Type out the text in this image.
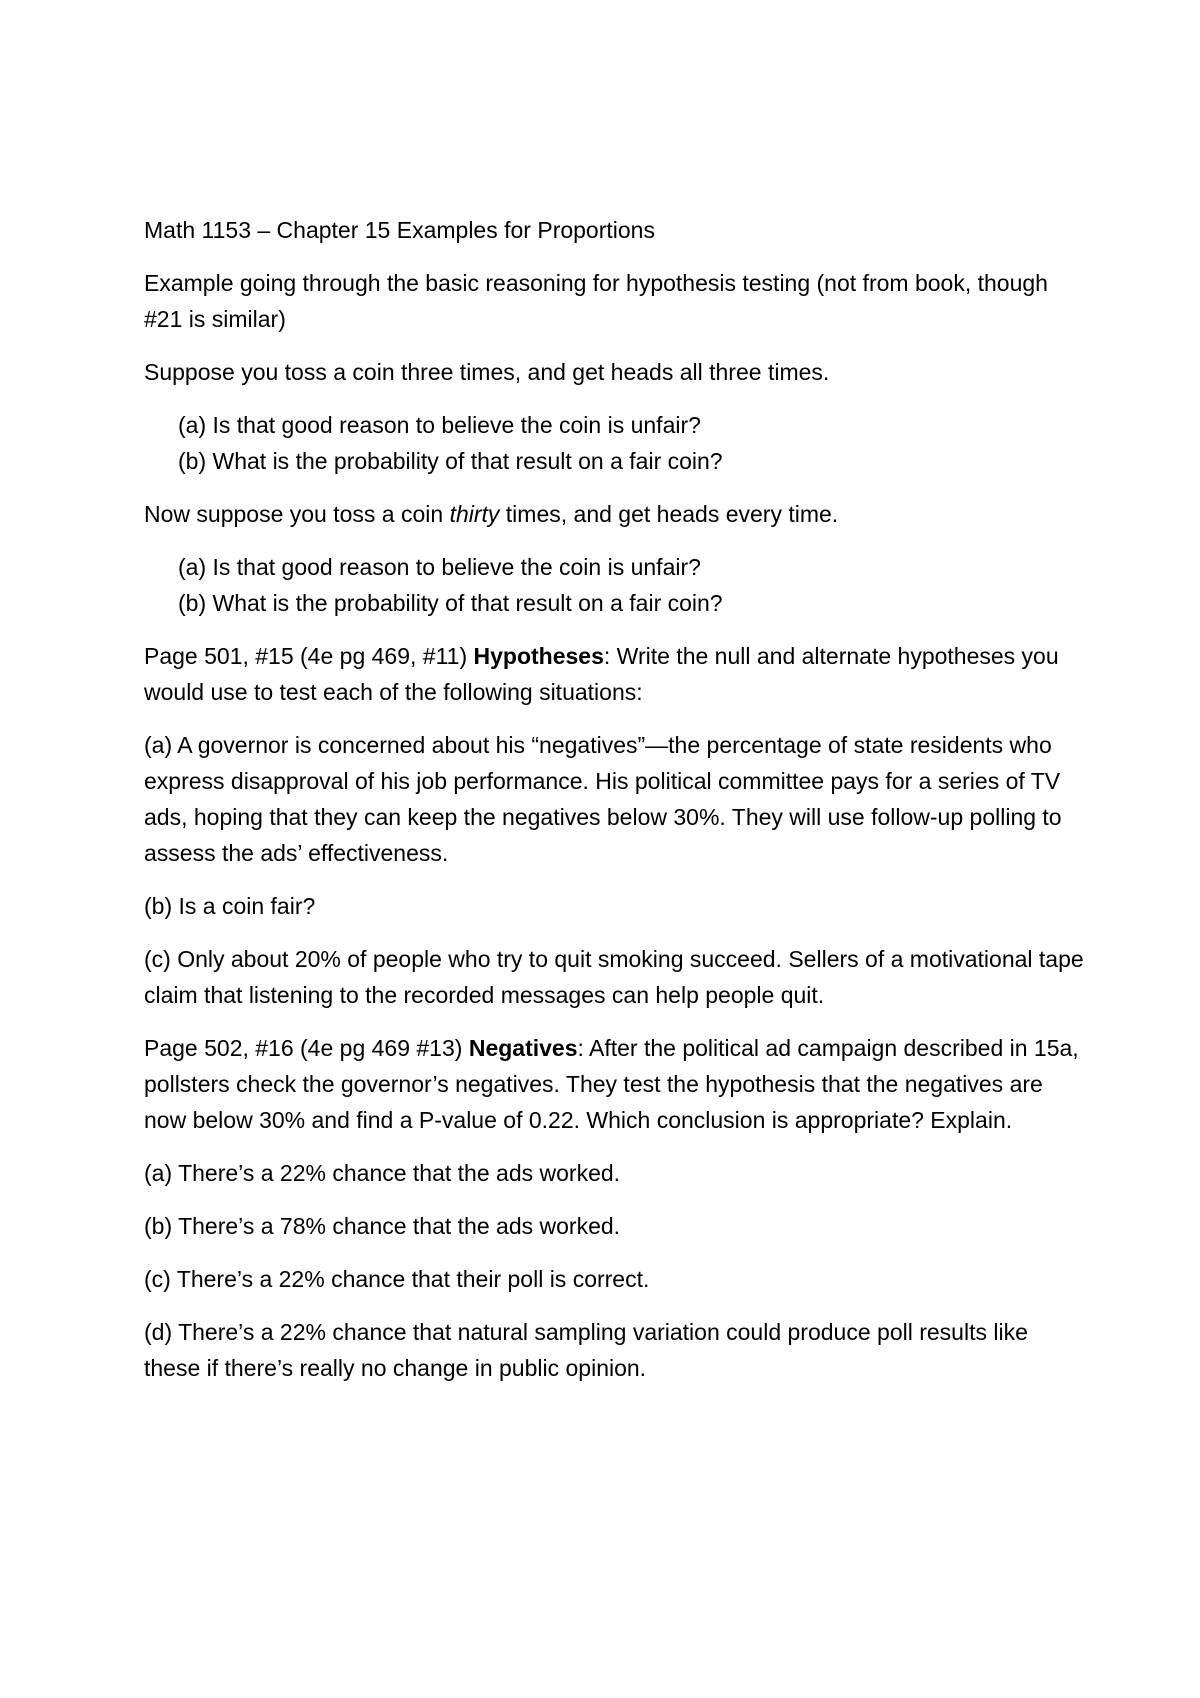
Math 1153 – Chapter 15 Examples for Proportions

Example going through the basic reasoning for hypothesis testing (not from book, though #21 is similar)

Suppose you toss a coin three times, and get heads all three times.

(a) Is that good reason to believe the coin is unfair?
(b) What is the probability of that result on a fair coin?

Now suppose you toss a coin thirty times, and get heads every time.

(a) Is that good reason to believe the coin is unfair?
(b) What is the probability of that result on a fair coin?

Page 501, #15 (4e pg 469, #11) Hypotheses: Write the null and alternate hypotheses you would use to test each of the following situations:

(a) A governor is concerned about his “negatives”—the percentage of state residents who express disapproval of his job performance. His political committee pays for a series of TV ads, hoping that they can keep the negatives below 30%. They will use follow-up polling to assess the ads’ effectiveness.

(b) Is a coin fair?

(c) Only about 20% of people who try to quit smoking succeed. Sellers of a motivational tape claim that listening to the recorded messages can help people quit.

Page 502, #16 (4e pg 469 #13) Negatives: After the political ad campaign described in 15a, pollsters check the governor’s negatives. They test the hypothesis that the negatives are now below 30% and find a P-value of 0.22. Which conclusion is appropriate? Explain.

(a) There’s a 22% chance that the ads worked.

(b) There’s a 78% chance that the ads worked.

(c) There’s a 22% chance that their poll is correct.

(d) There’s a 22% chance that natural sampling variation could produce poll results like these if there’s really no change in public opinion.
